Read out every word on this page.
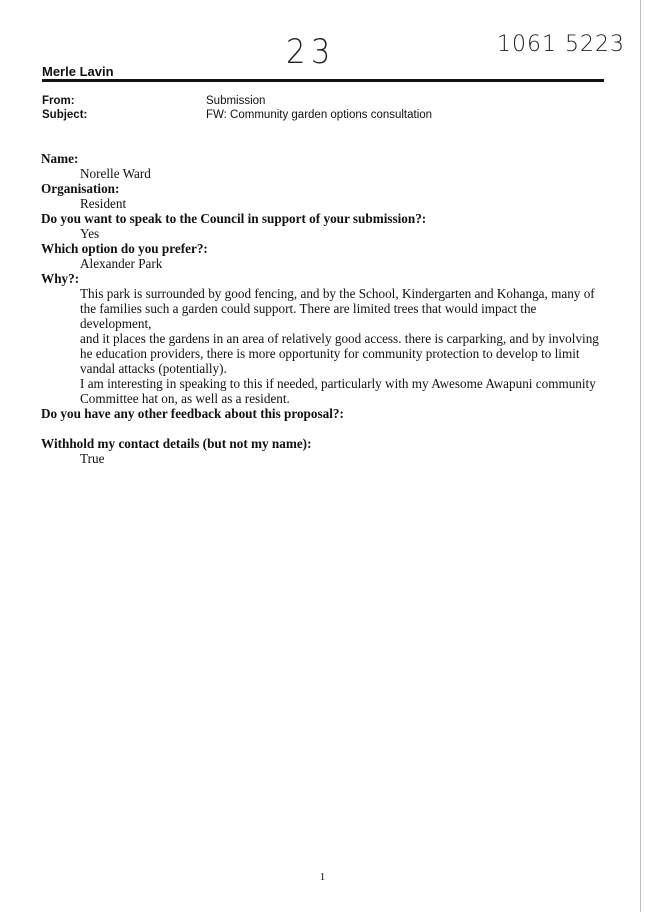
23	1061 5223
Merle Lavin
From:	Submission
Subject:	FW: Community garden options consultation
Name:
Norelle Ward
Organisation:
Resident
Do you want to speak to the Council in support of your submission?:
Yes
Which option do you prefer?:
Alexander Park
Why?:
This park is surrounded by good fencing, and by the School, Kindergarten and Kohanga, many of
the families such a garden could support. There are limited trees that would impact the development,
and it places the gardens in an area of relatively good access. there is carparking, and by involving
he education providers, there is more opportunity for community protection to develop to limit
vandal attacks (potentially).
I am interesting in speaking to this if needed, particularly with my Awesome Awapuni community
Committee hat on, as well as a resident.
Do you have any other feedback about this proposal?:
Withhold my contact details (but not my name):
True
1
